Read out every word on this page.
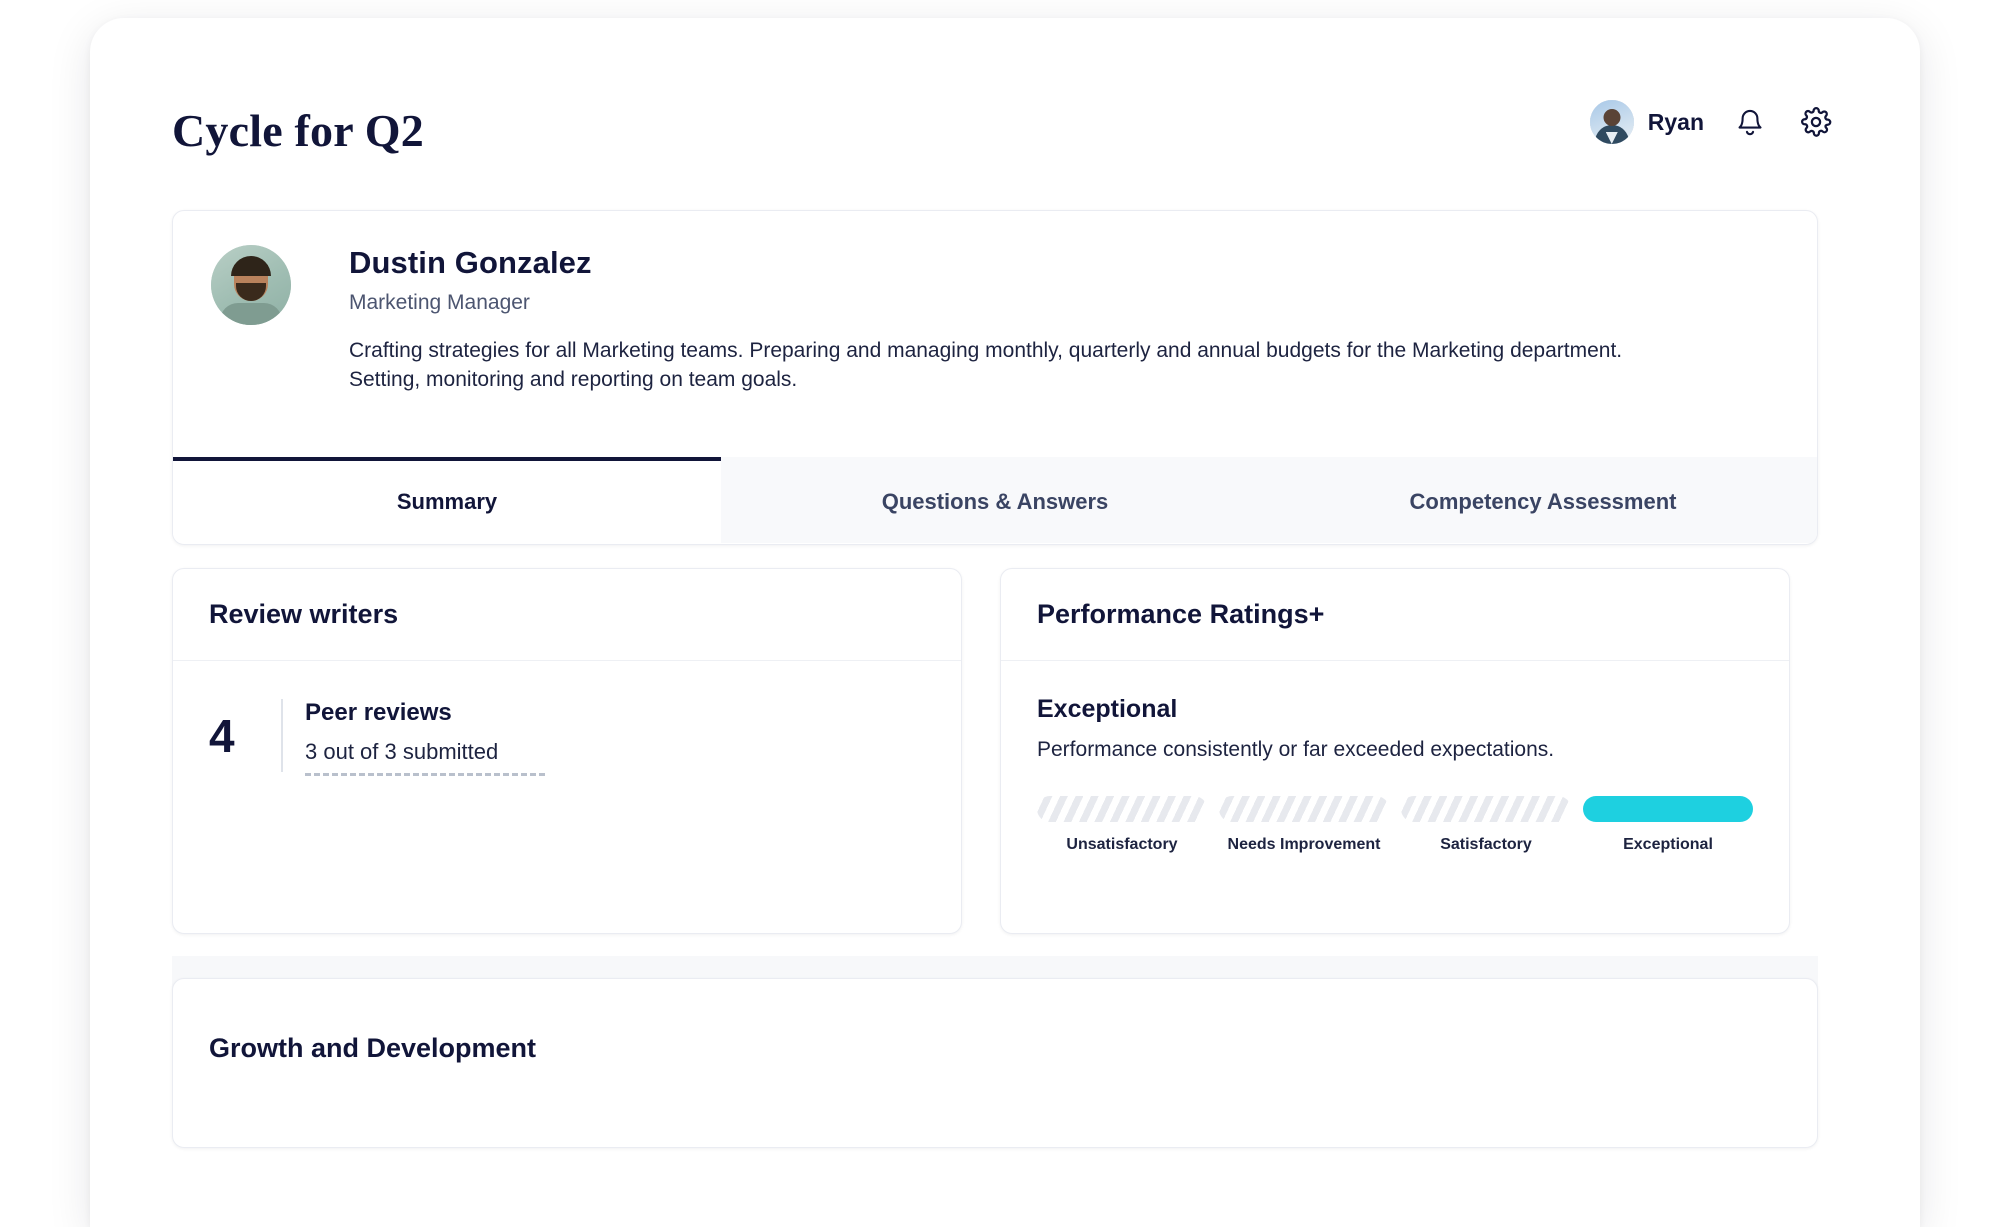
Cycle for Q2	Ryan
Dustin Gonzalez
Marketing Manager
Crafting strategies for all Marketing teams. Preparing and managing monthly, quarterly and annual budgets for the Marketing department. Setting, monitoring and reporting on team goals.
Summary	Questions & Answers	Competency Assessment
Review writers
4	Peer reviews
3 out of 3 submitted
Performance Ratings+
Exceptional
Performance consistently or far exceeded expectations.
Unsatisfactory	Needs Improvement	Satisfactory	Exceptional
Growth and Development
